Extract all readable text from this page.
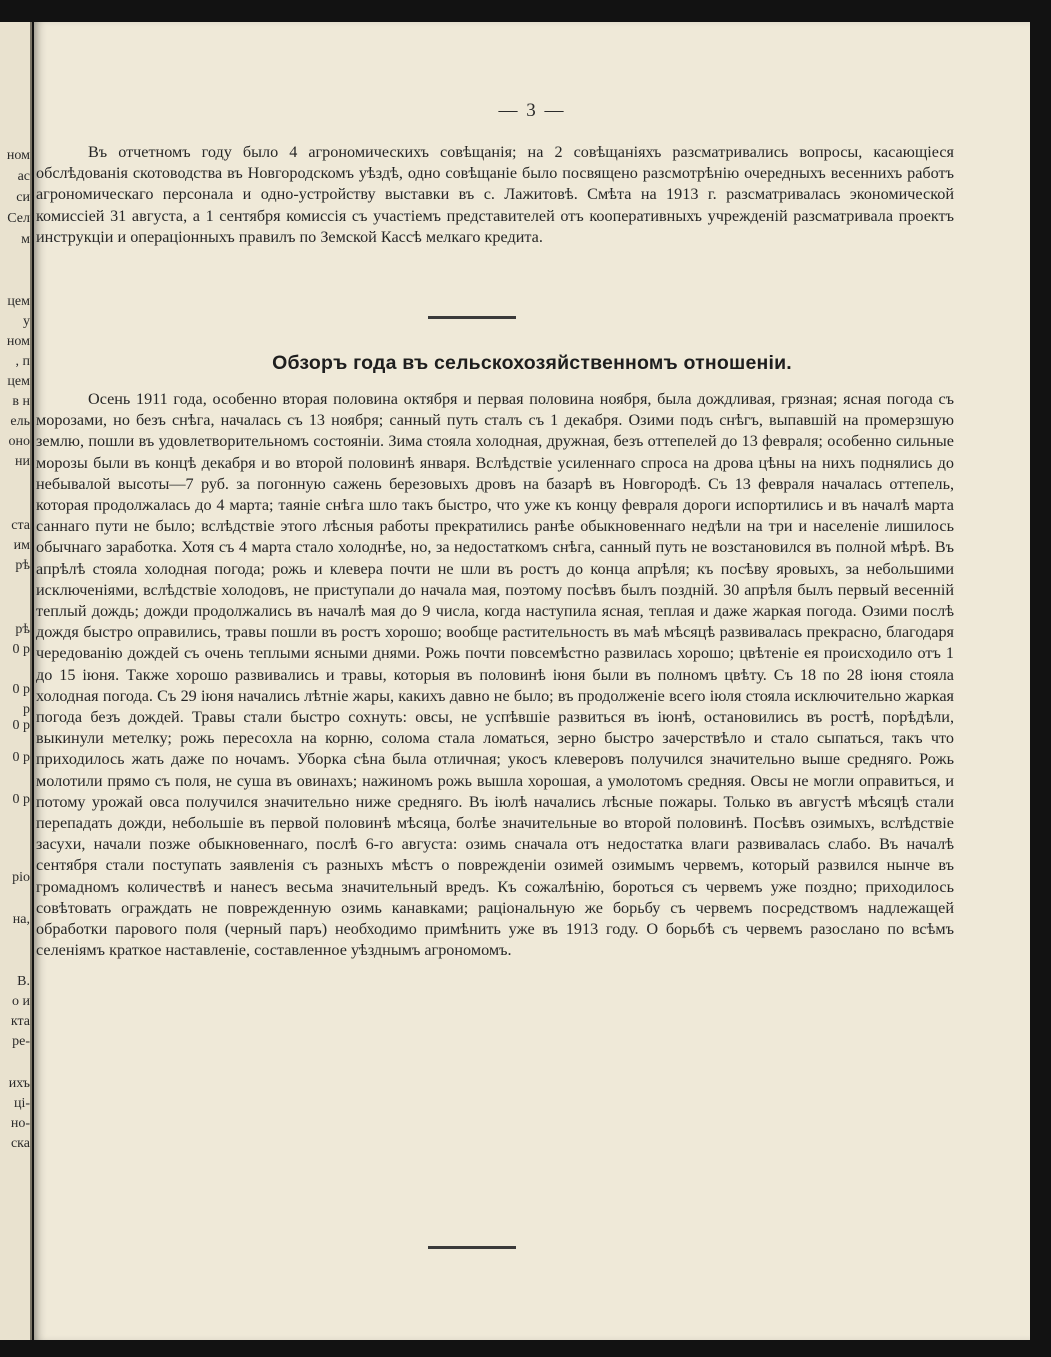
ном
ас
си
Сел
м
цем
у
ном
, п
цем
в н
ель
оно
ни
ста
им
рѣ
рѣ
0 р
0 р
р
0 р
0 р
0 р
ріо
на,
В.
о и
кта
ре-
ихъ
ці-
но-
ска
— 3 —

Въ отчетномъ году было 4 агрономическихъ совѣщанія; на 2 совѣщаніяхъ разсматривались вопросы, касающіеся обслѣдованія скотоводства въ Новгородскомъ уѣздѣ, одно совѣщаніе было посвящено разсмотрѣнію очередныхъ весеннихъ работъ агрономическаго персонала и одно-устройству выставки въ с. Лажитовѣ. Смѣта на 1913 г. разсматривалась экономической комиссіей 31 августа, а 1 сентября комиссія съ участіемъ представителей отъ кооперативныхъ учрежденій разсматривала проектъ инструкціи и операціонныхъ правилъ по Земской Кассѣ мелкаго кредита.

Обзоръ года въ сельскохозяйственномъ отношеніи.

Осень 1911 года, особенно вторая половина октября и первая половина ноября, была дождливая, грязная; ясная погода съ морозами, но безъ снѣга, началась съ 13 ноября; санный путь сталъ съ 1 декабря. Озими подъ снѣгъ, выпавшій на промерзшую землю, пошли въ удовлетворительномъ состояніи. Зима стояла холодная, дружная, безъ оттепелей до 13 февраля; особенно сильные морозы были въ концѣ декабря и во второй половинѣ января. Вслѣдствіе усиленнаго спроса на дрова цѣны на нихъ поднялись до небывалой высоты—7 руб. за погонную сажень березовыхъ дровъ на базарѣ въ Новгородѣ. Съ 13 февраля началась оттепель, которая продолжалась до 4 марта; таяніе снѣга шло такъ быстро, что уже къ концу февраля дороги испортились и въ началѣ марта саннаго пути не было; вслѣдствіе этого лѣсныя работы прекратились ранѣе обыкновеннаго недѣли на три и населеніе лишилось обычнаго заработка. Хотя съ 4 марта стало холоднѣе, но, за недостаткомъ снѣга, санный путь не возстановился въ полной мѣрѣ. Въ апрѣлѣ стояла холодная погода; рожь и клевера почти не шли въ ростъ до конца апрѣля; къ посѣву яровыхъ, за небольшими исключеніями, вслѣдствіе холодовъ, не приступали до начала мая, поэтому посѣвъ былъ поздній. 30 апрѣля былъ первый весенній теплый дождь; дожди продолжались въ началѣ мая до 9 числа, когда наступила ясная, теплая и даже жаркая погода. Озими послѣ дождя быстро оправились, травы пошли въ ростъ хорошо; вообще растительность въ маѣ мѣсяцѣ развивалась прекрасно, благодаря чередованію дождей съ очень теплыми ясными днями. Рожь почти повсемѣстно развилась хорошо; цвѣтеніе ея происходило отъ 1 до 15 іюня. Также хорошо развивались и травы, которыя въ половинѣ іюня были въ полномъ цвѣту. Съ 18 по 28 іюня стояла холодная погода. Съ 29 іюня начались лѣтніе жары, какихъ давно не было; въ продолженіе всего іюля стояла исключительно жаркая погода безъ дождей. Травы стали быстро сохнуть: овсы, не успѣвшіе развиться въ іюнѣ, остановились въ ростѣ, порѣдѣли, выкинули метелку; рожь пересохла на корню, солома стала ломаться, зерно быстро зачерствѣло и стало сыпаться, такъ что приходилось жать даже по ночамъ. Уборка сѣна была отличная; укосъ клеверовъ получился значительно выше средняго. Рожь молотили прямо съ поля, не суша въ овинахъ; нажиномъ рожь вышла хорошая, а умолотомъ средняя. Овсы не могли оправиться, и потому урожай овса получился значительно ниже средняго. Въ іюлѣ начались лѣсные пожары. Только въ августѣ мѣсяцѣ стали перепадать дожди, небольшіе въ первой половинѣ мѣсяца, болѣе значительные во второй половинѣ. Посѣвъ озимыхъ, вслѣдствіе засухи, начали позже обыкновеннаго, послѣ 6-го августа: озимь сначала отъ недостатка влаги развивалась слабо. Въ началѣ сентября стали поступать заявленія съ разныхъ мѣстъ о поврежденіи озимей озимымъ червемъ, который развился нынче въ громадномъ количествѣ и нанесъ весьма значительный вредъ. Къ сожалѣнію, бороться съ червемъ уже поздно; приходилось совѣтовать ограждать не поврежденную озимь канавками; раціональную же борьбу съ червемъ посредствомъ надлежащей обработки парового поля (черный паръ) необходимо примѣнить уже въ 1913 году. О борьбѣ съ червемъ разослано по всѣмъ селеніямъ краткое наставленіе, составленное уѣзднымъ агрономомъ.
